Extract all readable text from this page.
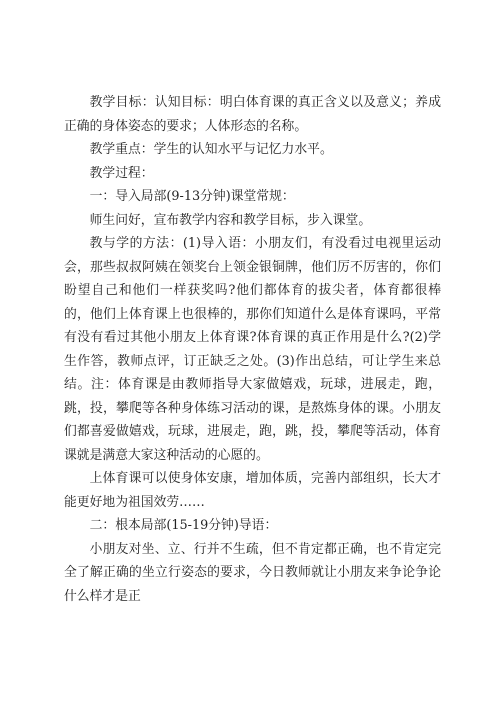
教学目标：认知目标：明白体育课的真正含义以及意义；养成正确的身体姿态的要求；人体形态的名称。

教学重点：学生的认知水平与记忆力水平。

教学过程：

一：导入局部(9-13分钟)课堂常规：

师生问好，宣布教学内容和教学目标，步入课堂。

教与学的方法：(1)导入语：小朋友们，有没看过电视里运动会，那些叔叔阿姨在领奖台上领金银铜牌，他们厉不厉害的，你们盼望自己和他们一样获奖吗?他们都体育的拔尖者，体育都很棒的，他们上体育课上也很棒的，那你们知道什么是体育课吗，平常有没有看过其他小朋友上体育课?体育课的真正作用是什么?(2)学生作答，教师点评，订正缺乏之处。(3)作出总结，可让学生来总结。注：体育课是由教师指导大家做嬉戏，玩球，进展走，跑，跳，投，攀爬等各种身体练习活动的课，是熬炼身体的课。小朋友们都喜爱做嬉戏，玩球，进展走，跑，跳，投，攀爬等活动，体育课就是满意大家这种活动的心愿的。

上体育课可以使身体安康，增加体质，完善内部组织，长大才能更好地为祖国效劳……

二：根本局部(15-19分钟)导语：

小朋友对坐、立、行并不生疏，但不肯定都正确，也不肯定完全了解正确的坐立行姿态的要求，今日教师就让小朋友来争论争论什么样才是正
